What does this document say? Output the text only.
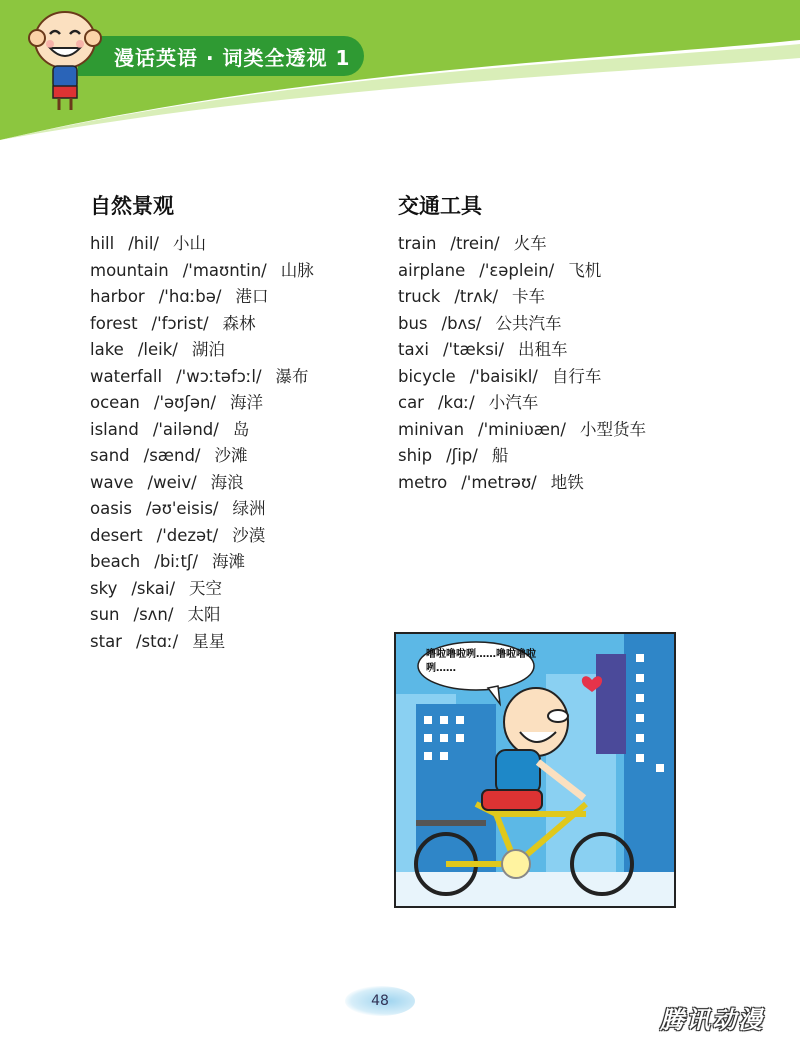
漫话英语 · 词类全透视 1
自然景观
hill /hil/ 小山
mountain /'maʊntin/ 山脉
harbor /'hɑːbə/ 港口
forest /'fɔrist/ 森林
lake /leik/ 湖泊
waterfall /'wɔːtəfɔːl/ 瀑布
ocean /'əʊʃən/ 海洋
island /'ailənd/ 岛
sand /sænd/ 沙滩
wave /weiv/ 海浪
oasis /əʊ'eisis/ 绿洲
desert /'dezət/ 沙漠
beach /biːtʃ/ 海滩
sky /skai/ 天空
sun /sʌn/ 太阳
star /stɑː/ 星星
交通工具
train /trein/ 火车
airplane /'ɛəplein/ 飞机
truck /trʌk/ 卡车
bus /bʌs/ 公共汽车
taxi /'tæksi/ 出租车
bicycle /'baisikl/ 自行车
car /kɑː/ 小汽车
minivan /'miniʋæn/ 小型货车
ship /ʃip/ 船
metro /'metrəʊ/ 地铁
噜啦噜啦咧……噜啦噜啦咧……
48
腾讯动漫
